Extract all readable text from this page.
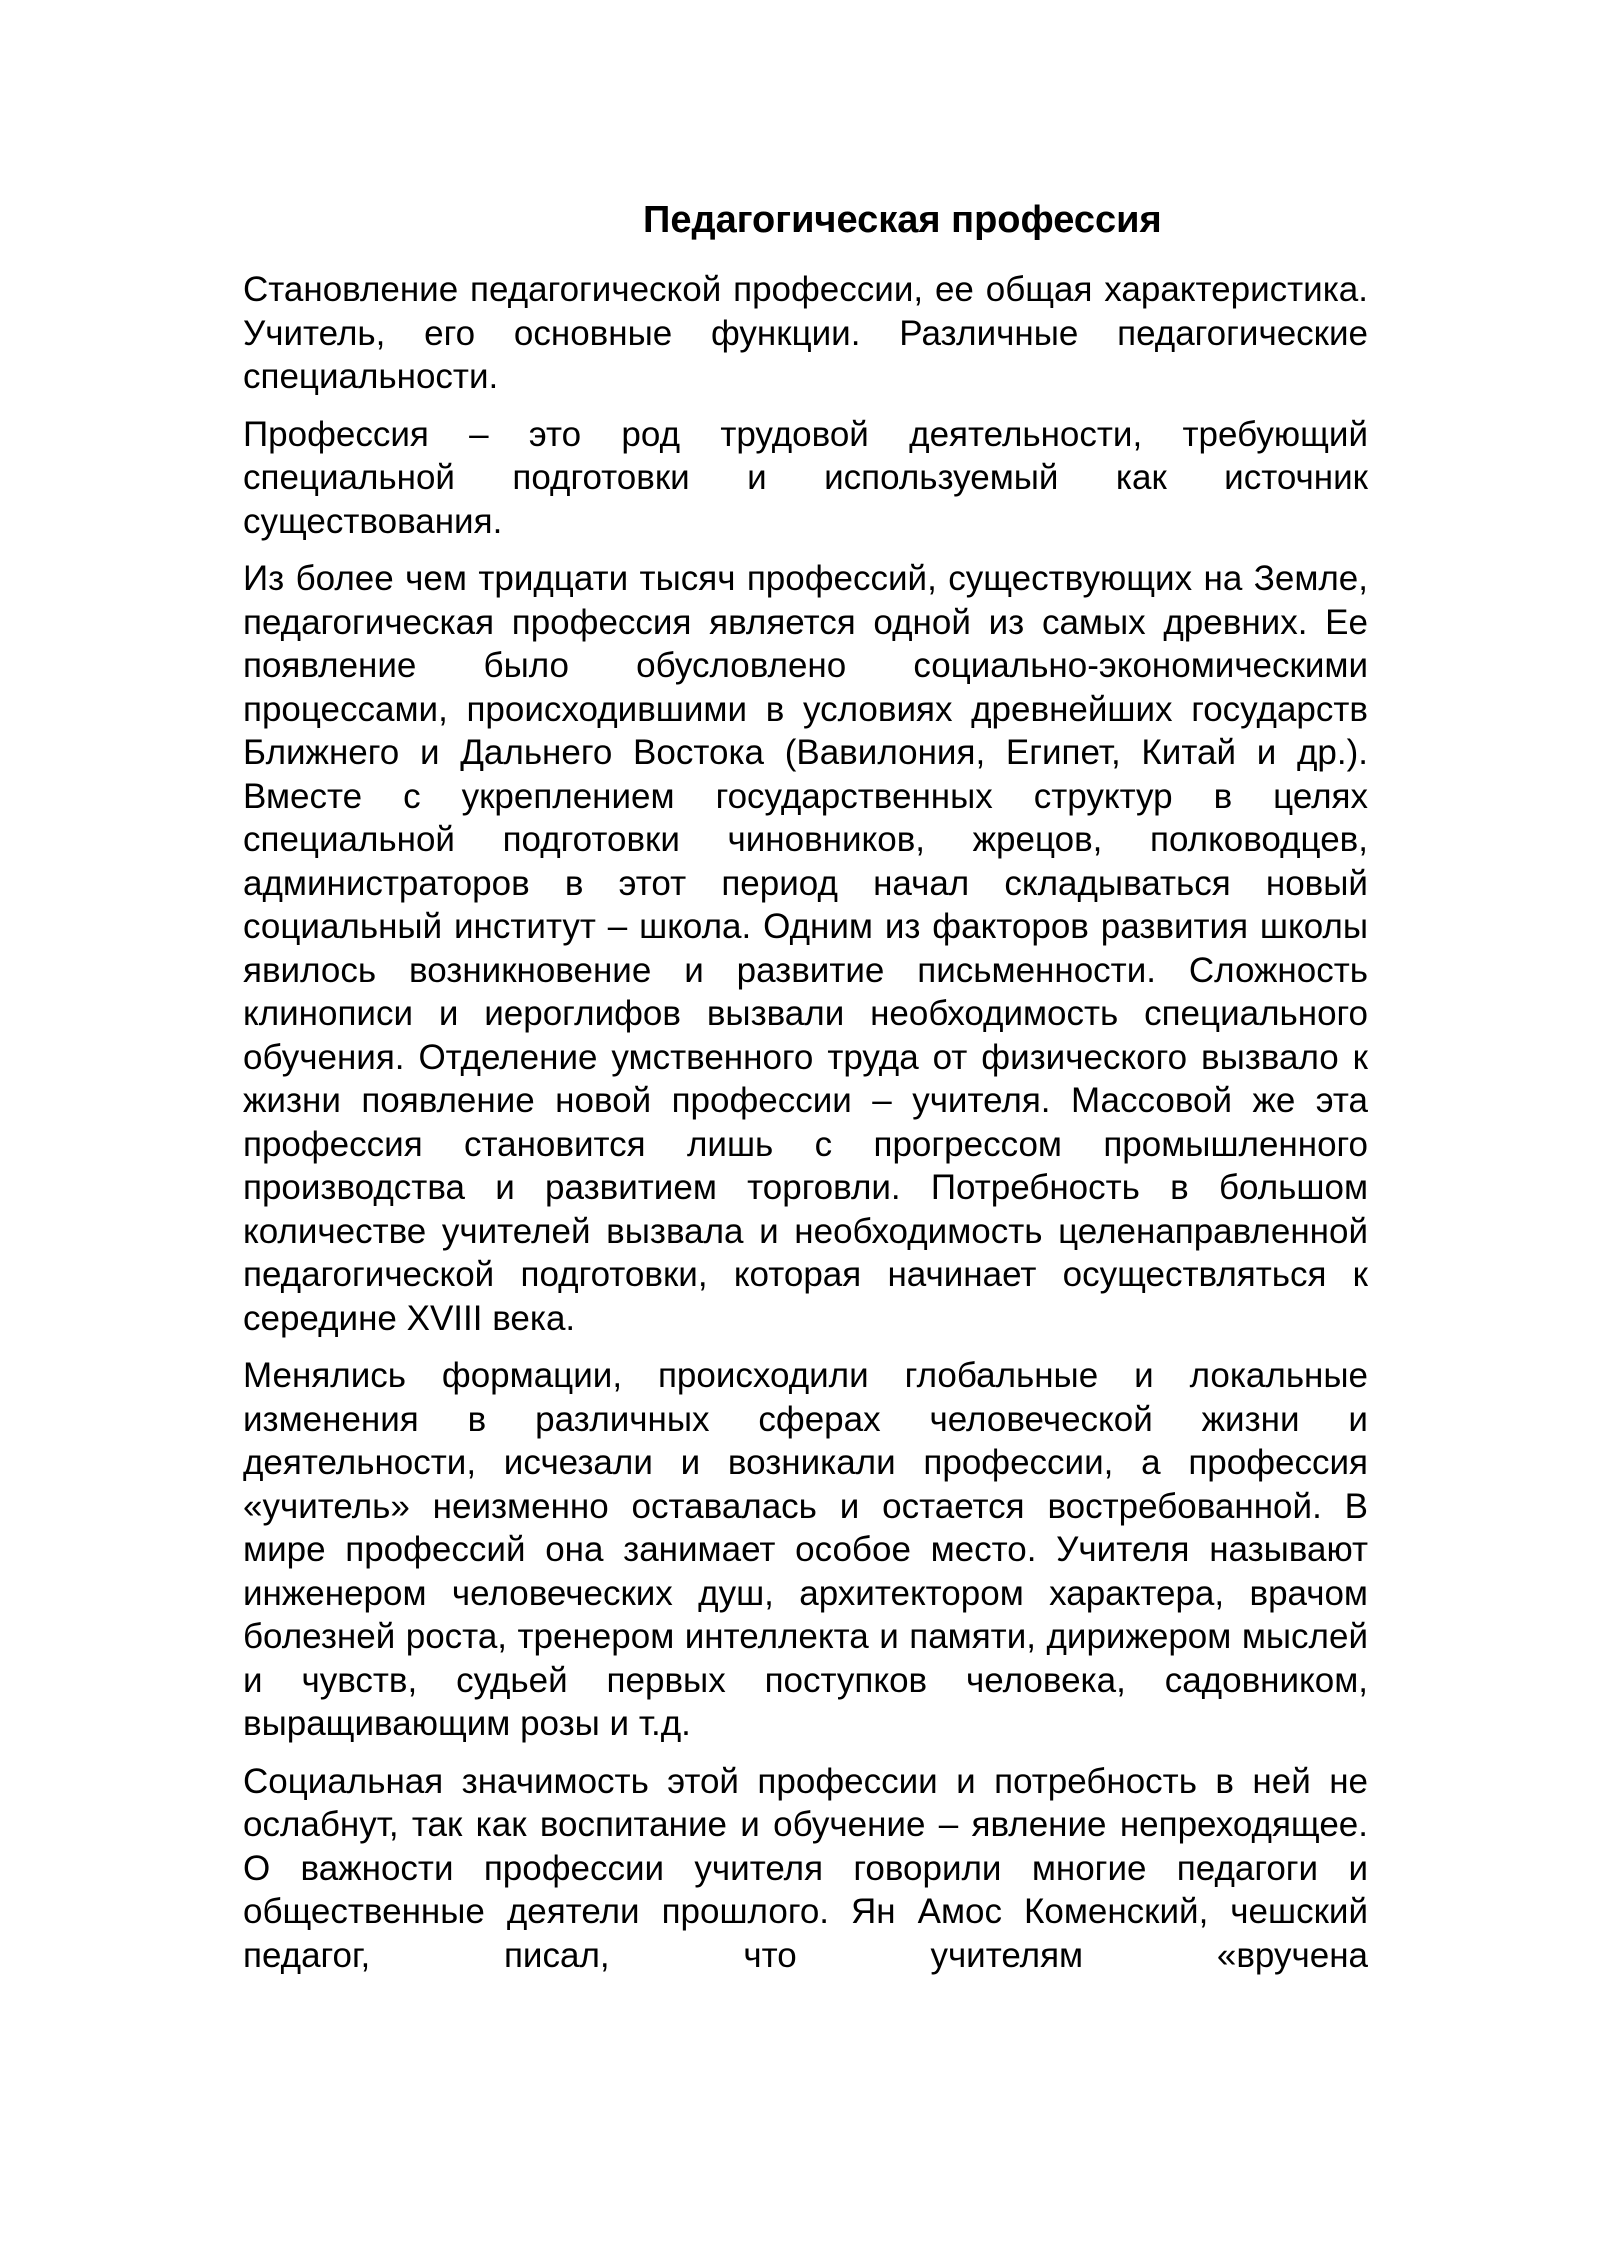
Педагогическая профессия

Становление педагогической профессии, ее общая характеристика. Учитель, его основные функции. Различные педагогические специальности.

Профессия – это род трудовой деятельности, требующий специальной подготовки и используемый как источник существования.

Из более чем тридцати тысяч профессий, существующих на Земле, педагогическая профессия является одной из самых древних. Ее появление было обусловлено социально-экономическими процессами, происходившими в условиях древнейших государств Ближнего и Дальнего Востока (Вавилония, Египет, Китай и др.). Вместе с укреплением государственных структур в целях специальной подготовки чиновников, жрецов, полководцев, администраторов в этот период начал складываться новый социальный институт – школа. Одним из факторов развития школы явилось возникновение и развитие письменности. Сложность клинописи и иероглифов вызвали необходимость специального обучения. Отделение умственного труда от физического вызвало к жизни появление новой профессии – учителя. Массовой же эта профессия становится лишь с прогрессом промышленного производства и развитием торговли. Потребность в большом количестве учителей вызвала и необходимость целенаправленной педагогической подготовки, которая начинает осуществляться к середине XVIII века.

Менялись формации, происходили глобальные и локальные изменения в различных сферах человеческой жизни и деятельности, исчезали и возникали профессии, а профессия «учитель» неизменно оставалась и остается востребованной. В мире профессий она занимает особое место. Учителя называют инженером человеческих душ, архитектором характера, врачом болезней роста, тренером интеллекта и памяти, дирижером мыслей и чувств, судьей первых поступков человека, садовником, выращивающим розы и т.д.

Социальная значимость этой профессии и потребность в ней не ослабнут, так как воспитание и обучение – явление непреходящее. О важности профессии учителя говорили многие педагоги и общественные деятели прошлого. Ян Амос Коменский, чешский педагог, писал, что учителям «вручена
